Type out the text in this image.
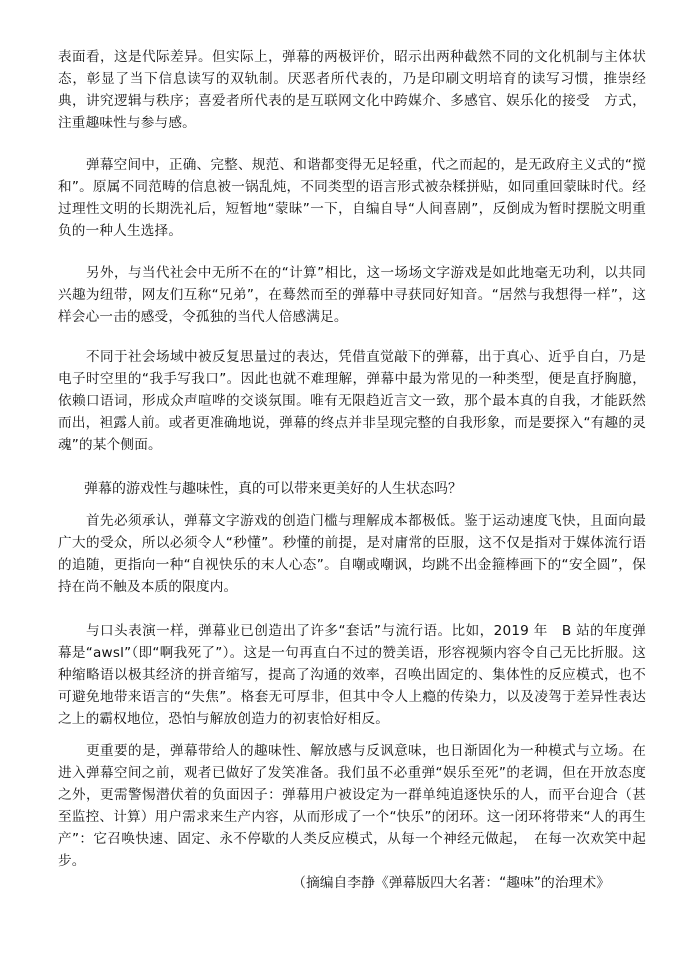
表面看，这是代际差异。但实际上，弹幕的两极评价，昭示出两种截然不同的文化机制与主体状态，彰显了当下信息读写的双轨制。厌恶者所代表的，乃是印刷文明培育的读写习惯，推崇经典，讲究逻辑与秩序；喜爱者所代表的是互联网文化中跨媒介、多感官、娱乐化的接受　方式，注重趣味性与参与感。

弹幕空间中，正确、完整、规范、和谐都变得无足轻重，代之而起的，是无政府主义式的“搅和”。原属不同范畴的信息被一锅乱炖，不同类型的语言形式被杂糅拼贴，如同重回蒙昧时代。经过理性文明的长期洗礼后，短暂地“蒙昧”一下，自编自导“人间喜剧”，反倒成为暂时摆脱文明重负的一种人生选择。

另外，与当代社会中无所不在的“计算”相比，这一场场文字游戏是如此地毫无功利，以共同兴趣为纽带，网友们互称“兄弟”，在蓦然而至的弹幕中寻获同好知音。“居然与我想得一样”，这样会心一击的感受，令孤独的当代人倍感满足。

不同于社会场域中被反复思量过的表达，凭借直觉敲下的弹幕，出于真心、近乎自白，乃是电子时空里的“我手写我口”。因此也就不难理解，弹幕中最为常见的一种类型，便是直抒胸臆，依赖口语词，形成众声喧哗的交谈氛围。唯有无限趋近言文一致，那个最本真的自我，才能跃然而出，袒露人前。或者更准确地说，弹幕的终点并非呈现完整的自我形象，而是要探入“有趣的灵魂”的某个侧面。

弹幕的游戏性与趣味性，真的可以带来更美好的人生状态吗？

首先必须承认，弹幕文字游戏的创造门槛与理解成本都极低。鉴于运动速度飞快，且面向最广大的受众，所以必须令人“秒懂”。秒懂的前提，是对庸常的臣服，这不仅是指对于媒体流行语的追随，更指向一种“自视快乐的末人心态”。自嘲或嘲讽，均跳不出金箍棒画下的“安全圆”，保持在尚不触及本质的限度内。

与口头表演一样，弹幕业已创造出了许多“套话”与流行语。比如，2019 年　B 站的年度弹幕是“awsl”（即“啊我死了”）。这是一句再直白不过的赞美语，形容视频内容令自己无比折服。这种缩略语以极其经济的拼音缩写，提高了沟通的效率，召唤出固定的、集体性的反应模式，也不可避免地带来语言的“失焦”。格套无可厚非，但其中令人上瘾的传染力，以及凌驾于差异性表达之上的霸权地位，恐怕与解放创造力的初衷恰好相反。

更重要的是，弹幕带给人的趣味性、解放感与反讽意味，也日渐固化为一种模式与立场。在进入弹幕空间之前，观者已做好了发笑准备。我们虽不必重弹“娱乐至死”的老调，但在开放态度之外，更需警惕潜伏着的负面因子：弹幕用户被设定为一群单纯追逐快乐的人，而平台迎合（甚至监控、计算）用户需求来生产内容，从而形成了一个“快乐”的闭环。这一闭环将带来“人的再生产”：它召唤快速、固定、永不停歇的人类反应模式，从每一个神经元做起，　在每一次欢笑中起步。

（摘编自李静《弹幕版四大名著：“趣味”的治理术》
